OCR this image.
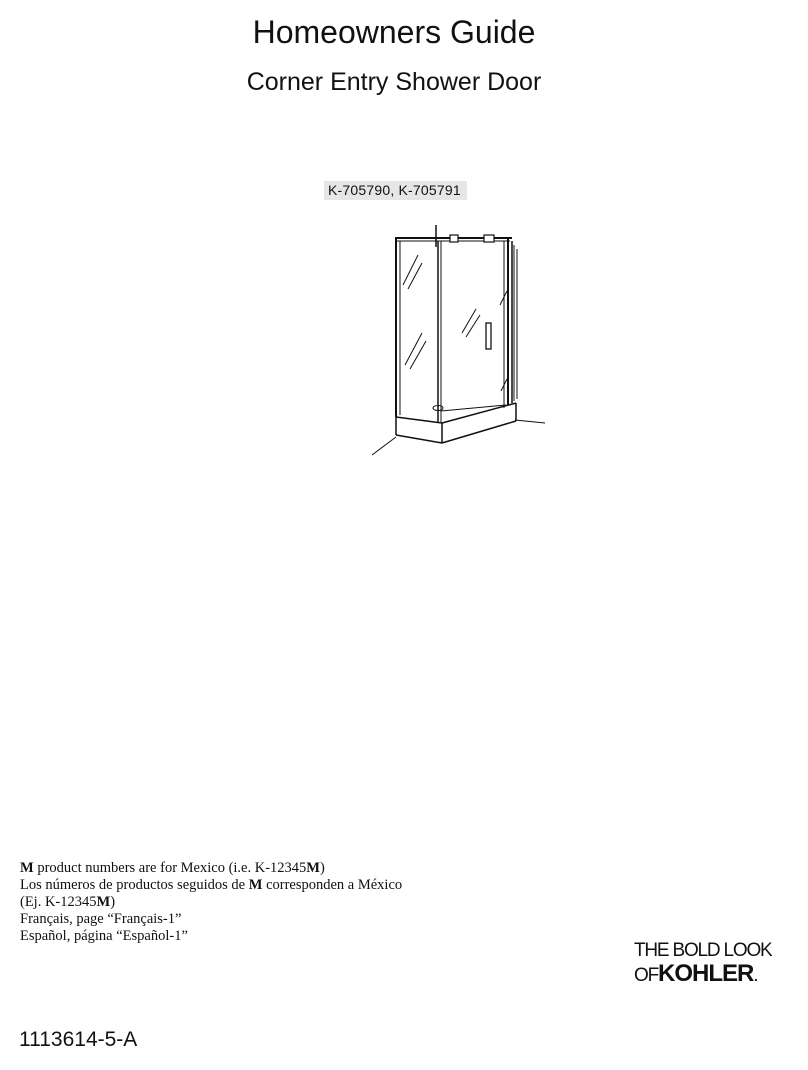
Homeowners Guide
Corner Entry Shower Door
K-705790, K-705791
M product numbers are for Mexico (i.e. K-12345M)
Los números de productos seguidos de M corresponden a México
(Ej. K-12345M)
Français, page “Français-1”
Español, página “Español-1”
THE BOLD LOOK
OFKOHLER.
1113614-5-A
